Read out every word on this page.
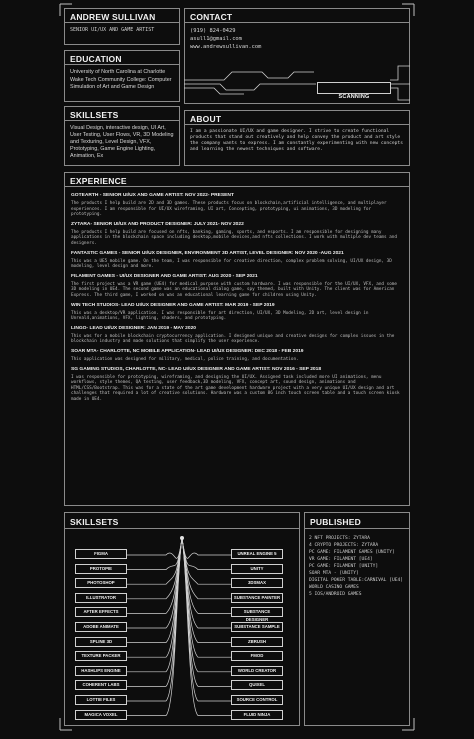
ANDREW SULLIVAN
SENIOR UI/UX AND GAME ARTIST
CONTACT
(919) 824-0429
asull1@gmail.com
www.andrewsullivan.com
SCANNING
EDUCATION
University of North Carolina at Charlotte
Wake Tech Community College: Computer Simulation of Art and Game Design
SKILLSETS
Visual Design, interactive design, UI Art, User Testing, User Flows, VR, 3D Modeling and Texturing, Level Design, VFX, Prototyping, Game Engine Lighting, Animation, Ex
ABOUT
I am a passionate UI/UX and game designer. I strive to create functional products that stand out creatively and help convey the product and art style the company wants to express. I am constantly experimenting with new concepts and learning the newest techniques and software.
EXPERIENCE
GOTEARTH - SENIOR UI/UX AND GAME ARTIST: NOV 2022- PRESENT
The products I help build are 2D and 3D games. These products focus on blockchain,artificial intelligence, and multiplayer experiences. I am responsible for UI/UX wireframing, UI art, Concepting, prototyping, ui animations, 3D modeling for prototyping.
ZYTARA- SENIOR UI/UX AND PRODUCT DESIGNER: JULY 2021- NOV 2022
The products I help build are focused on nfts, banking, gaming, sports, and esports. I am responsible for designing many applications in the blockchain space including desktop,mobile devices,and nfts collections. I work with multiple dev teams and designers.
FANTASTIC GAMES - SENIOR UI/UX DESIGNER, ENVIRONMENT 3D ARTIST, LEVEL DESIGNER: NOV 2020 -AUG 2021
This was a UE5 mobile game. On the team, I was responsible for creative direction, complex problem solving, UI/UX design, 3D modeling, level design and more.
FILAMENT GAMES - UI/UX DESIGNER AND GAME ARTIST: AUG 2020 - SEP 2021
The first project was a VR game (UE4) for medical purpose with custom hardware. I was responsible for the UI/UX, VFX, and some 3D modeling in UE4. The second game was an educational dialog game, spy themed, built with Unity. The client was for American Express. The third game, I worked on was an educational learning game for children using Unity.
WIN TECH STUDIOS- LEAD UI/UX DESIGNER AND GAME ARTIST: MAR 2019 - SEP 2019
This was a desktop/VR application. I was responsible for art direction, UI/UX, 3D Modeling, 2D art, level design in Unreal4,animations, VFX, lighting, shaders, and prototyping.
LINGO- LEAD UI/UX DESIGNER: JAN 2019 - MAY 2020
This was for a mobile blockchain cryptocurrency application. I designed unique and creative designs for complex issues in the blockchain industry and made solutions that simplify the user experience.
SOAR MTA- CHARLOTTE, NC MOBILE APPLICATION- LEAD UI/UX DESIGNER: DEC 2018 - FEB 2019
This application was designed for military, medical, police training, and documentation.
SG GAMING STUDIOS, CHARLOTTE, NC- LEAD UI/UX DESIGNER AND GAME ARTIST: NOV 2016 - SEP 2018
I was responsible for prototyping, wireframing, and designing the UI/UX. Assigned task included more UI animations, menu workflows, style themes, QA testing, user feedback,3D modeling, VFX, concept art, sound design, animations and HTML/CSS/Bootstrap. This was for a state of the art game development hardware project with a very unique UI/UX design and art challenges that required a lot of creative solutions. Hardware was a custom 86 inch touch screen table and a touch screen kiosk made in UE4.
SKILLSETS
FIGMA
PROTOPIE
PHOTOSHOP
ILLUSTRATOR
AFTER EFFECTS
ADOBE ANIMATE
SPLINE 3D
TEXTURE PACKER
HASHLIPS ENGINE
COHERENT LABS
LOTTIE FILES
MAGICA VOXEL
UNREAL ENGINE 5
UNITY
3DSMAX
SUBSTANCE PAINTER
SUBSTANCE DESIGNER
SUBSTANCE SAMPLE
ZBRUSH
FMOD
WORLD CREATOR
QUIXEL
SOURCE CONTROL
FLUID NINJA
PUBLISHED
2 NFT PROJECTS: ZYTARA
4 CRYPTO PROJECTS: ZYTARA
PC GAME: FILAMENT GAMES [UNITY]
VR GAME: FILAMENT [UE4]
PC GAME: FILAMENT [UNITY]
SOAR MTA - [UNITY]
DIGITAL POKER TABLE:CARNIVAL [UE4]
WORLD CASINO GAMES
5 IOS/ANDROID GAMES
